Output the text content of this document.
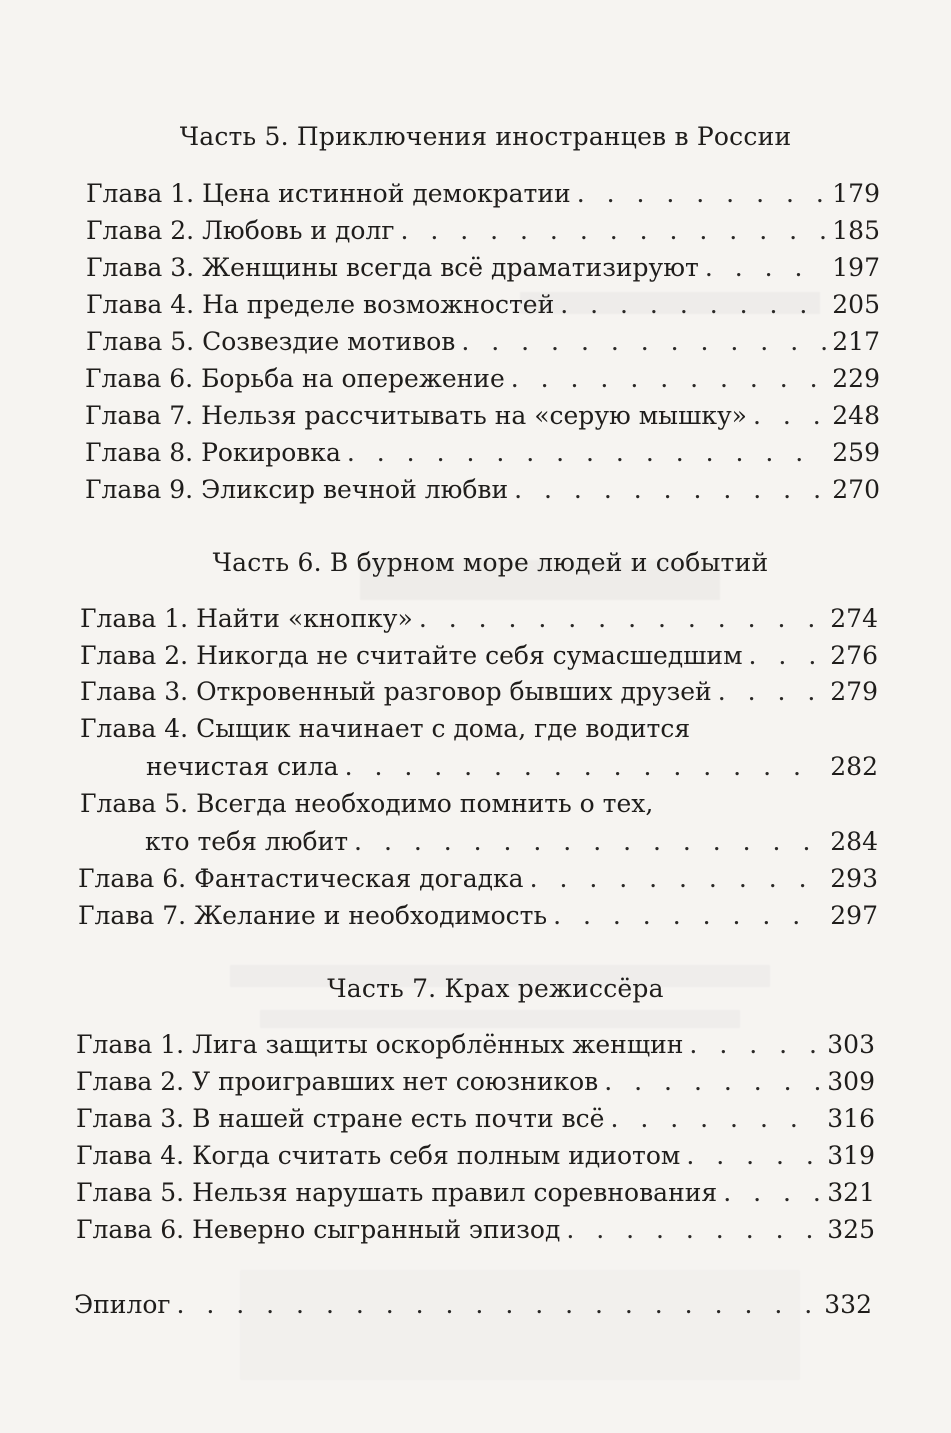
Часть 5. Приключения иностранцев в России
Глава 1. Цена истинной демократии . . .	179
Глава 2. Любовь и долг . . .	185
Глава 3. Женщины всегда всё драматизируют . . .	197
Глава 4. На пределе возможностей . . .	205
Глава 5. Созвездие мотивов . . .	217
Глава 6. Борьба на опережение . . .	229
Глава 7. Нельзя рассчитывать на «серую мышку» . . .	248
Глава 8. Рокировка . . .	259
Глава 9. Эликсир вечной любви . . .	270
Часть 6. В бурном море людей и событий
Глава 1. Найти «кнопку» . . .	274
Глава 2. Никогда не считайте себя сумасшедшим . . .	276
Глава 3. Откровенный разговор бывших друзей . . .	279
Глава 4. Сыщик начинает с дома, где водится
нечистая сила . . .	282
Глава 5. Всегда необходимо помнить о тех,
кто тебя любит . . .	284
Глава 6. Фантастическая догадка . . .	293
Глава 7. Желание и необходимость . . .	297
Часть 7. Крах режиссёра
Глава 1. Лига защиты оскорблённых женщин . . .	303
Глава 2. У проигравших нет союзников . . .	309
Глава 3. В нашей стране есть почти всё . . .	316
Глава 4. Когда считать себя полным идиотом . . .	319
Глава 5. Нельзя нарушать правил соревнования . . .	321
Глава 6. Неверно сыгранный эпизод . . .	325
Эпилог . . .	332
